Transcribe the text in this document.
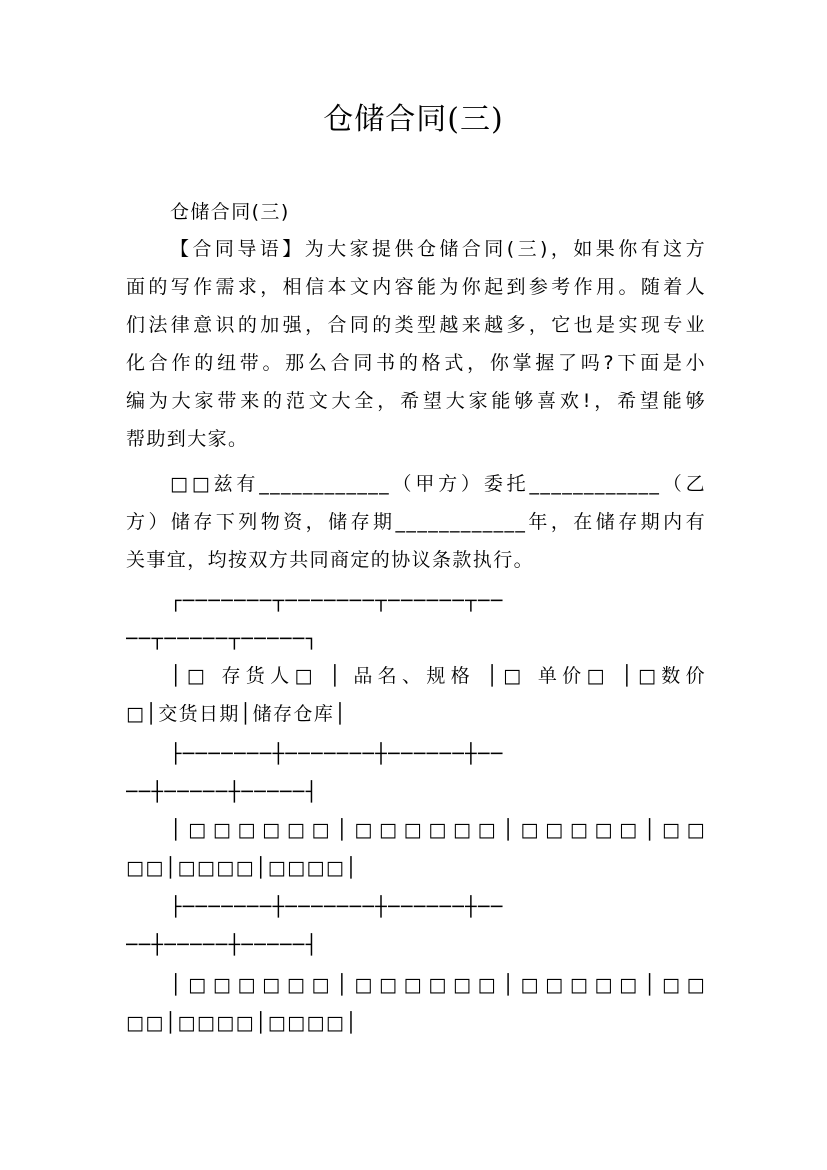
仓储合同(三)
仓储合同(三)
【合同导语】为大家提供仓储合同(三)，如果你有这方
面的写作需求，相信本文内容能为你起到参考作用。随着人
们法律意识的加强，合同的类型越来越多，它也是实现专业
化合作的纽带。那么合同书的格式，你掌握了吗?下面是小
编为大家带来的范文大全，希望大家能够喜欢!，希望能够
帮助到大家。
□□兹有____________（甲方）委托____________（乙
方）储存下列物资，储存期____________年，在储存期内有
关事宜，均按双方共同商定的协议条款执行。
┌───────┬───────┬──────┬──
──┬─────┬─────┐
│□ 存货人□ │ 品名、规格 │□ 单价□ │□数价
□│交货日期│储存仓库│
├───────┼───────┼──────┼──
──┼─────┼─────┤
│□□□□□□│□□□□□□│□□□□□│□□
□□│□□□□│□□□□│
├───────┼───────┼──────┼──
──┼─────┼─────┤
│□□□□□□│□□□□□□│□□□□□│□□
□□│□□□□│□□□□│
